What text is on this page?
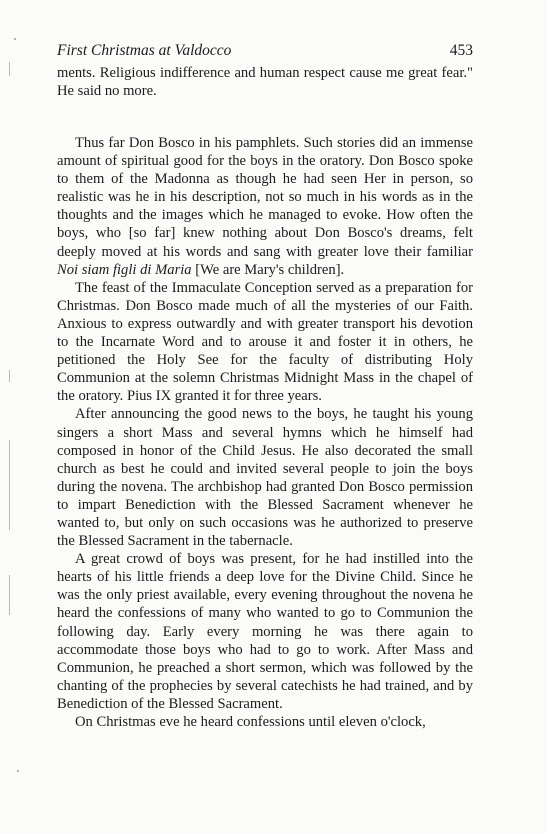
First Christmas at Valdocco	453

ments. Religious indifference and human respect cause me great fear." He said no more.

Thus far Don Bosco in his pamphlets. Such stories did an immense amount of spiritual good for the boys in the oratory. Don Bosco spoke to them of the Madonna as though he had seen Her in person, so realistic was he in his description, not so much in his words as in the thoughts and the images which he managed to evoke. How often the boys, who [so far] knew nothing about Don Bosco's dreams, felt deeply moved at his words and sang with greater love their familiar Noi siam figli di Maria [We are Mary's children].

The feast of the Immaculate Conception served as a preparation for Christmas. Don Bosco made much of all the mysteries of our Faith. Anxious to express outwardly and with greater transport his devotion to the Incarnate Word and to arouse it and foster it in others, he petitioned the Holy See for the faculty of distributing Holy Communion at the solemn Christmas Midnight Mass in the chapel of the oratory. Pius IX granted it for three years.

After announcing the good news to the boys, he taught his young singers a short Mass and several hymns which he himself had composed in honor of the Child Jesus. He also decorated the small church as best he could and invited several people to join the boys during the novena. The archbishop had granted Don Bosco permission to impart Benediction with the Blessed Sacrament whenever he wanted to, but only on such occasions was he authorized to preserve the Blessed Sacrament in the tabernacle.

A great crowd of boys was present, for he had instilled into the hearts of his little friends a deep love for the Divine Child. Since he was the only priest available, every evening throughout the novena he heard the confessions of many who wanted to go to Communion the following day. Early every morning he was there again to accommodate those boys who had to go to work. After Mass and Communion, he preached a short sermon, which was followed by the chanting of the prophecies by several catechists he had trained, and by Benediction of the Blessed Sacrament.

On Christmas eve he heard confessions until eleven o'clock,
